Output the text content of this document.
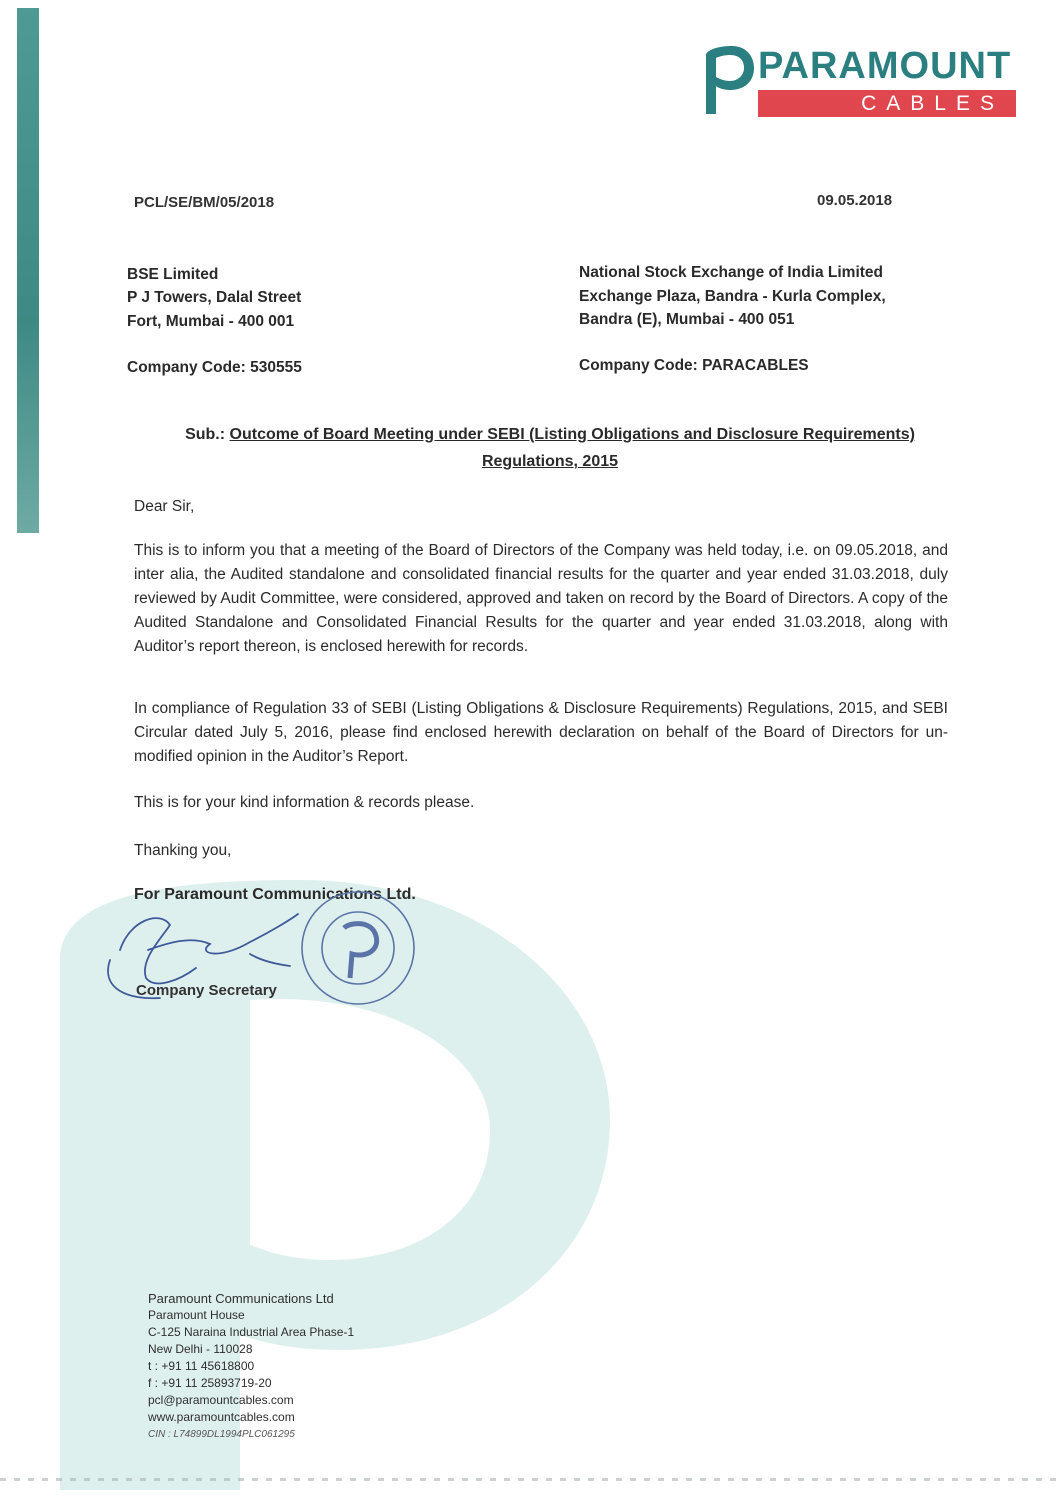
PARAMOUNT
CABLES
PCL/SE/BM/05/2018	09.05.2018
BSE Limited
P J Towers, Dalal Street
Fort, Mumbai - 400 001
Company Code: 530555
National Stock Exchange of India Limited
Exchange Plaza, Bandra - Kurla Complex,
Bandra (E), Mumbai - 400 051
Company Code: PARACABLES
Sub.: Outcome of Board Meeting under SEBI (Listing Obligations and Disclosure Requirements)
Regulations, 2015
Dear Sir,
This is to inform you that a meeting of the Board of Directors of the Company was held today, i.e. on 09.05.2018, and inter alia, the Audited standalone and consolidated financial results for the quarter and year ended 31.03.2018, duly reviewed by Audit Committee, were considered, approved and taken on record by the Board of Directors. A copy of the Audited Standalone and Consolidated Financial Results for the quarter and year ended 31.03.2018, along with Auditor’s report thereon, is enclosed herewith for records.
In compliance of Regulation 33 of SEBI (Listing Obligations & Disclosure Requirements) Regulations, 2015, and SEBI Circular dated July 5, 2016, please find enclosed herewith declaration on behalf of the Board of Directors for un-modified opinion in the Auditor’s Report.
This is for your kind information & records please.
Thanking you,
For Paramount Communications Ltd.
Company Secretary
Paramount Communications Ltd
Paramount House
C-125 Naraina Industrial Area Phase-1
New Delhi - 110028
t : +91 11 45618800
f : +91 11 25893719-20
pcl@paramountcables.com
www.paramountcables.com
CIN : L74899DL1994PLC061295
